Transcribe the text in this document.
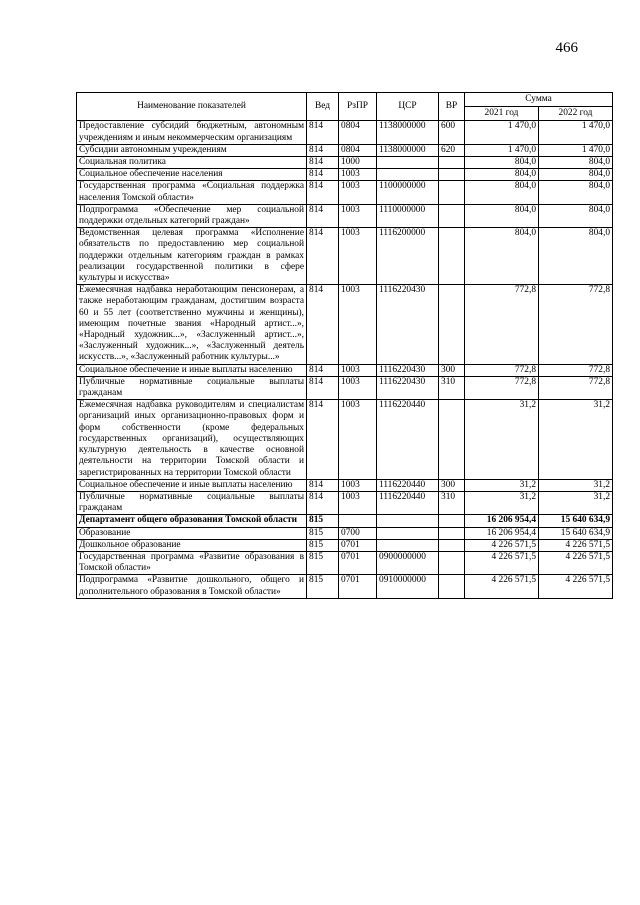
466
Наименование показателей	Вед	РзПР	ЦСР	ВР	Сумма	
					2021 год	2022 год
Предоставление субсидий бюджетным, автономным учреждениям и иным некоммерческим организациям	814	0804	1138000000	600	1 470,0	1 470,0
Субсидии автономным учреждениям	814	0804	1138000000	620	1 470,0	1 470,0
Социальная политика	814	1000			804,0	804,0
Социальное обеспечение населения	814	1003			804,0	804,0
Государственная программа «Социальная поддержка населения Томской области»	814	1003	1100000000		804,0	804,0
Подпрограмма «Обеспечение мер социальной поддержки отдельных категорий граждан»	814	1003	1110000000		804,0	804,0
Ведомственная целевая программа «Исполнение обязательств по предоставлению мер социальной поддержки отдельным категориям граждан в рамках реализации государственной политики в сфере культуры и искусства»	814	1003	1116200000		804,0	804,0
Ежемесячная надбавка неработающим пенсионерам, а также неработающим гражданам, достигшим возраста 60 и 55 лет (соответственно мужчины и женщины), имеющим почетные звания «Народный артист...», «Народный художник...», «Заслуженный артист...», «Заслуженный художник...», «Заслуженный деятель искусств...», «Заслуженный работник культуры...»	814	1003	1116220430		772,8	772,8
Социальное обеспечение и иные выплаты населению	814	1003	1116220430	300	772,8	772,8
Публичные нормативные социальные выплаты гражданам	814	1003	1116220430	310	772,8	772,8
Ежемесячная надбавка руководителям и специалистам организаций иных организационно-правовых форм и форм собственности (кроме федеральных государственных организаций), осуществляющих культурную деятельность в качестве основной деятельности на территории Томской области и зарегистрированных на территории Томской области	814	1003	1116220440		31,2	31,2
Социальное обеспечение и иные выплаты населению	814	1003	1116220440	300	31,2	31,2
Публичные нормативные социальные выплаты гражданам	814	1003	1116220440	310	31,2	31,2
Департамент общего образования Томской области	815				16 206 954,4	15 640 634,9
Образование	815	0700			16 206 954,4	15 640 634,9
Дошкольное образование	815	0701			4 226 571,5	4 226 571,5
Государственная программа «Развитие образования в Томской области»	815	0701	0900000000		4 226 571,5	4 226 571,5
Подпрограмма «Развитие дошкольного, общего и дополнительного образования в Томской области»	815	0701	0910000000		4 226 571,5	4 226 571,5
